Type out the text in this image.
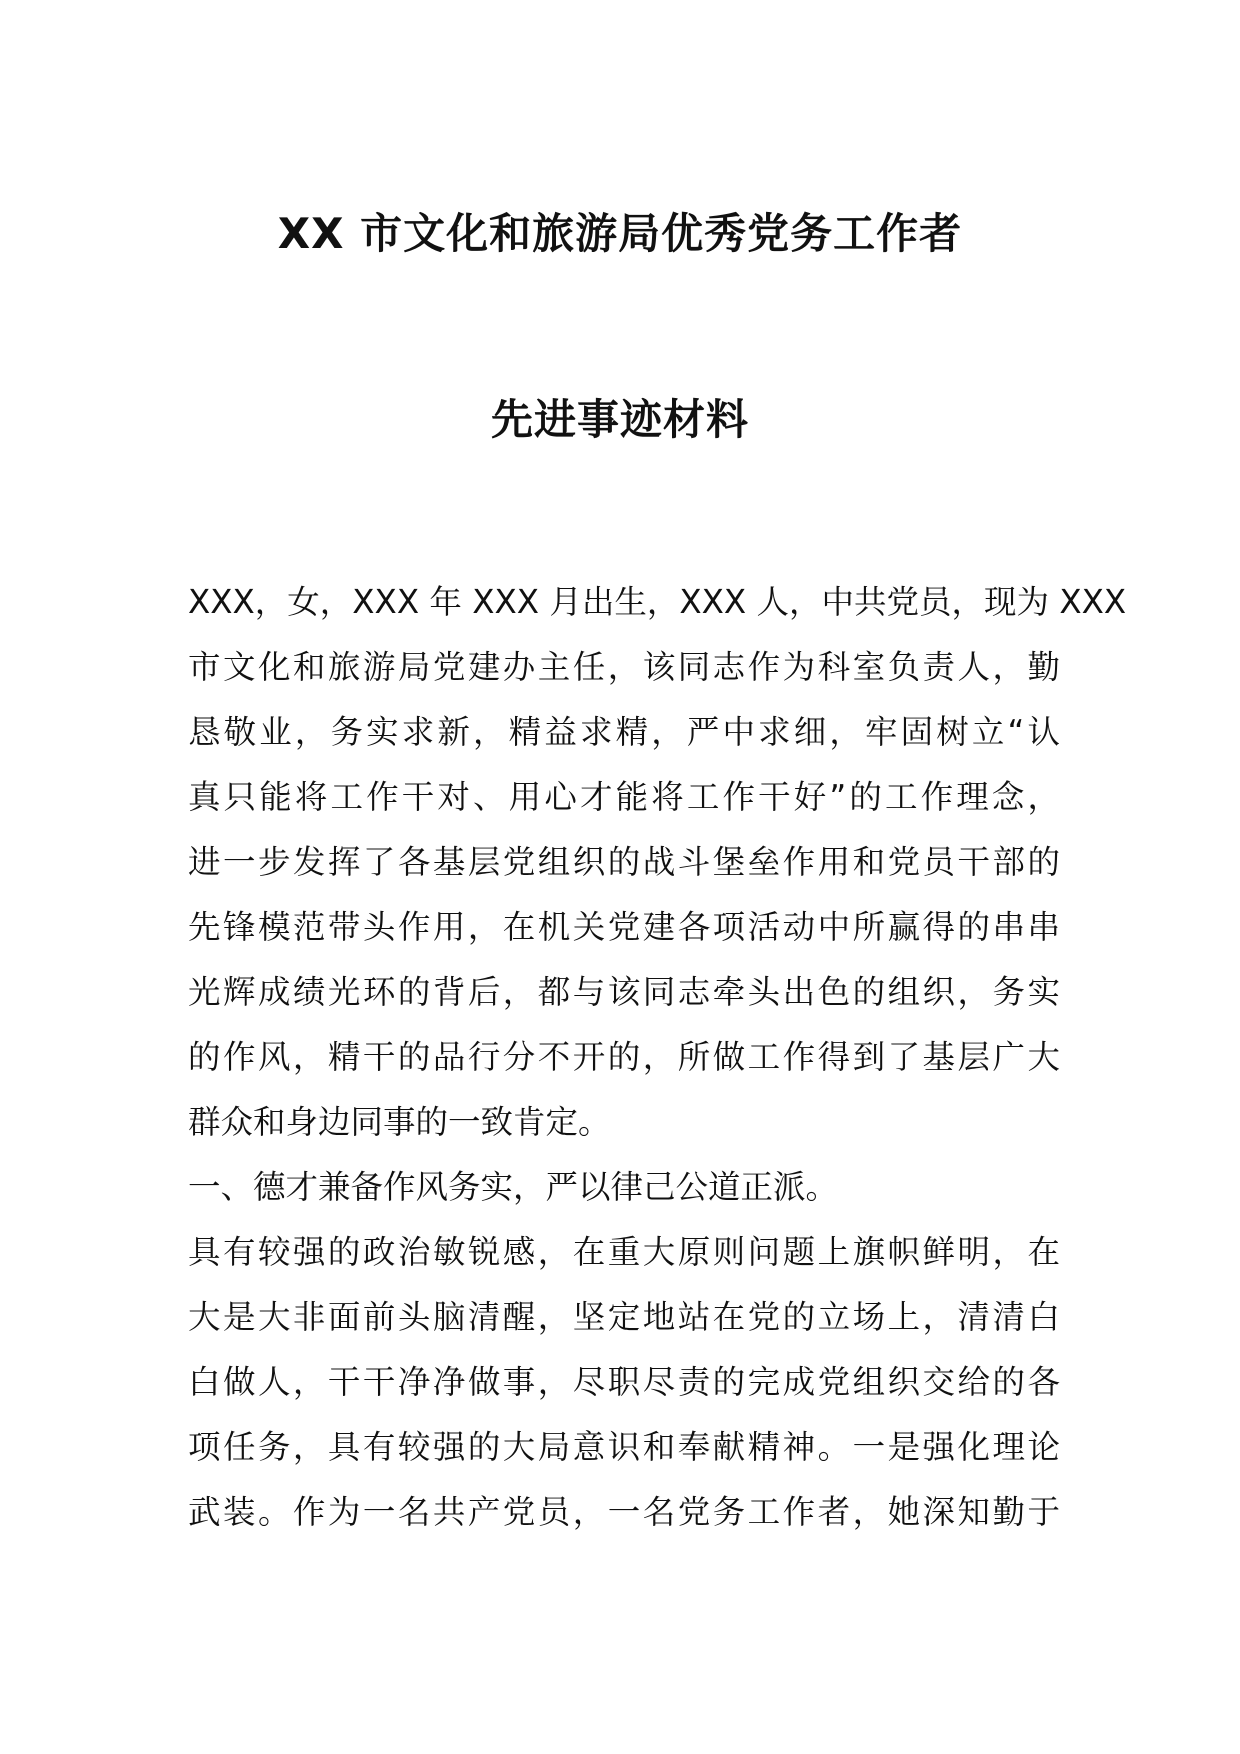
XX 市文化和旅游局优秀党务工作者
先进事迹材料
XXX，女，XXX 年 XXX 月出生，XXX 人，中共党员，现为 XXX
市文化和旅游局党建办主任，该同志作为科室负责人，勤
恳敬业，务实求新，精益求精，严中求细，牢固树立“认
真只能将工作干对、用心才能将工作干好”的工作理念，
进一步发挥了各基层党组织的战斗堡垒作用和党员干部的
先锋模范带头作用，在机关党建各项活动中所赢得的串串
光辉成绩光环的背后，都与该同志牵头出色的组织，务实
的作风，精干的品行分不开的，所做工作得到了基层广大
群众和身边同事的一致肯定。
一、德才兼备作风务实，严以律己公道正派。
具有较强的政治敏锐感，在重大原则问题上旗帜鲜明，在
大是大非面前头脑清醒，坚定地站在党的立场上，清清白
白做人，干干净净做事，尽职尽责的完成党组织交给的各
项任务，具有较强的大局意识和奉献精神。一是强化理论
武装。作为一名共产党员，一名党务工作者，她深知勤于
